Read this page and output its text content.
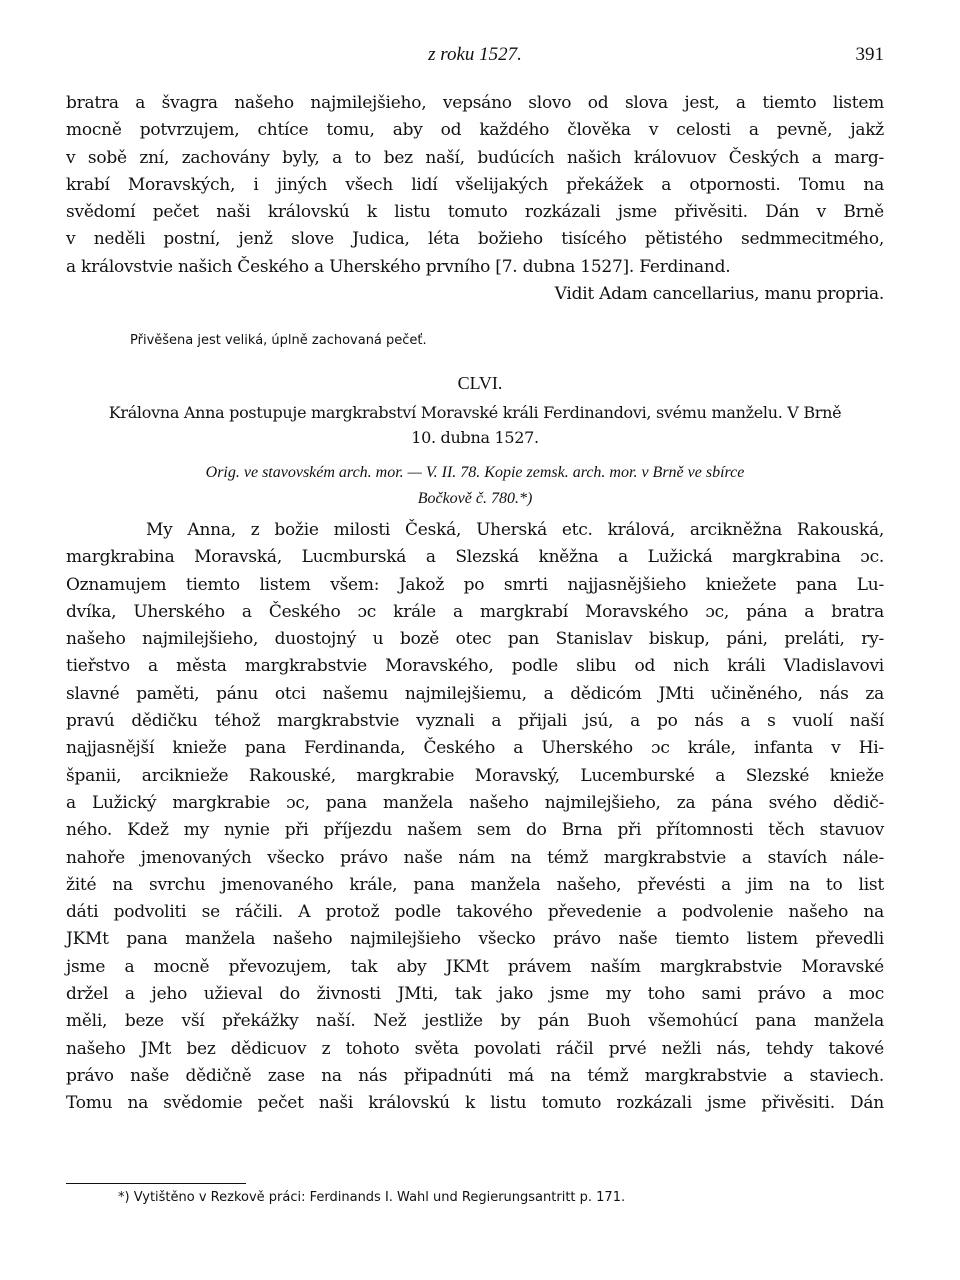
z roku 1527.	391
bratra a švagra našeho najmilejšieho, vepsáno slovo od slova jest, a tiemto listem
mocně potvrzujem, chtíce tomu, aby od každého člověka v celosti a pevně, jakž
v sobě zní, zachovány byly, a to bez naší, budúcích našich královuov Českých a marg-
krabí Moravských, i jiných všech lidí všelijakých překážek a otpornosti. Tomu na
svědomí pečet naši královskú k listu tomuto rozkázali jsme přivěsiti. Dán v Brně
v neděli postní, jenž slove Judica, léta božieho tisícého pětistého sedmmecitmého,
a královstvie našich Českého a Uherského prvního [7. dubna 1527]. Ferdinand.
Vidit Adam cancellarius, manu propria.
Přivěšena jest veliká, úplně zachovaná pečeť.
CLVI.
Královna Anna postupuje margkrabství Moravské králi Ferdinandovi, svému manželu. V Brně
10. dubna 1527.
Orig. ve stavovském arch. mor. — V. II. 78. Kopie zemsk. arch. mor. v Brně ve sbírce
Bočkově č. 780.*)
My Anna, z božie milosti Česká, Uherská etc. králová, arcikněžna Rakouská,
margkrabina Moravská, Lucmburská a Slezská kněžna a Lužická margkrabina ɔc.
Oznamujem tiemto listem všem: Jakož po smrti najjasnějšieho kniežete pana Lu-
dvíka, Uherského a Českého ɔc krále a margkrabí Moravského ɔc, pána a bratra
našeho najmilejšieho, duostojný u bozě otec pan Stanislav biskup, páni, preláti, ry-
tieřstvo a města margkrabstvie Moravského, podle slibu od nich králi Vladislavovi
slavné paměti, pánu otci našemu najmilejšiemu, a dědicóm JMti učiněného, nás za
pravú dědičku téhož margkrabstvie vyznali a přijali jsú, a po nás a s vuolí naší
najjasnější kniežе pana Ferdinanda, Českého a Uherského ɔc krále, infanta v Hi-
španii, arcikniežе Rakouské, margkrabie Moravský, Lucemburské a Slezské knieže
a Lužický margkrabie ɔc, pana manžela našeho najmilejšieho, za pána svého dědič-
ného. Kdež my nynie při příjezdu našem sem do Brna při přítomnosti těch stavuov
nahoře jmenovaných všecko právo naše nám na témž margkrabstvie a stavích nále-
žité na svrchu jmenovaného krále, pana manžela našeho, převésti a jim na to list
dáti podvoliti se ráčili. A protož podle takového převedenie a podvolenie našeho na
JKMt pana manžela našeho najmilejšieho všecko právo naše tiemto listem převedli
jsme a mocně převozujem, tak aby JKMt právem naším margkrabstvie Moravské
držel a jeho užieval do živnosti JMti, tak jako jsme my toho sami právo a moc
měli, beze vší překážky naší. Než jestliže by pán Buoh všemohúcí pana manžela
našeho JMt bez dědicuov z tohoto světa povolati ráčil prvé nežli nás, tehdy takové
právo naše dědičně zase na nás připadnúti má na témž margkrabstvie a staviech.
Tomu na svědomie pečet naši královskú k listu tomuto rozkázali jsme přivěsiti. Dán
*) Vytištěno v Rezkově práci: Ferdinands I. Wahl und Regierungsantritt p. 171.
